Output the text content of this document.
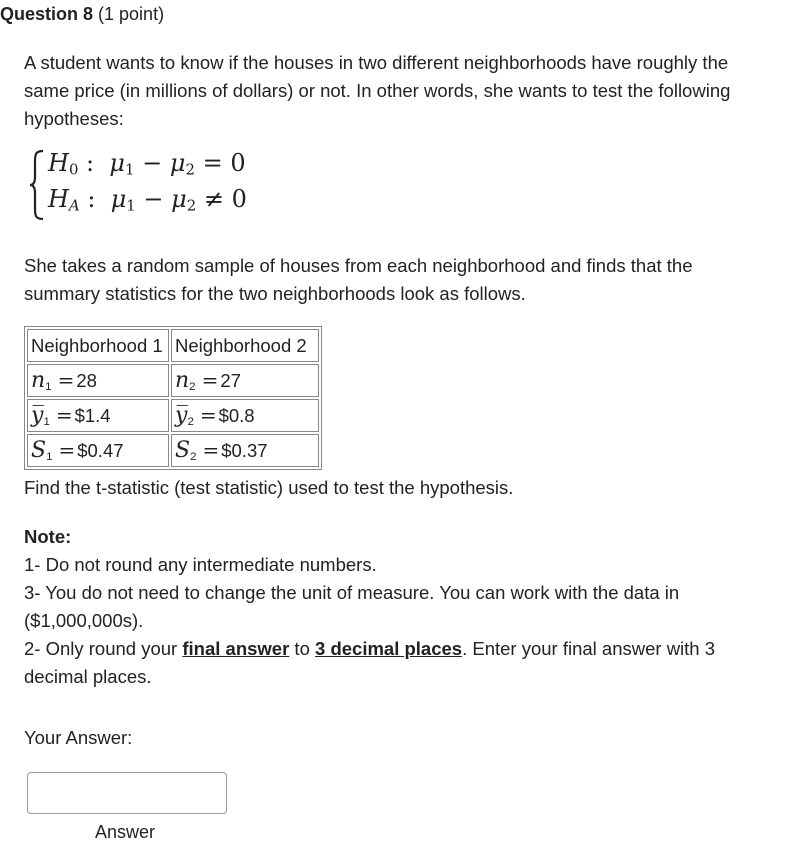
Question 8 (1 point)
A student wants to know if the houses in two different neighborhoods have roughly the same price (in millions of dollars) or not. In other words, she wants to test the following hypotheses:
$H_0$ : $\mu_1 - \mu_2 = 0$
$H_A$ : $\mu_1 - \mu_2 \ne 0$
She takes a random sample of houses from each neighborhood and finds that the summary statistics for the two neighborhoods look as follows.
Neighborhood 1	Neighborhood 2
$n_1 = 28$	$n_2 = 27$
$y̅_1$ = $1.4	$y̅_2$ = $0.8
$S_1$ = $0.47	$S_2$ = $0.37
Find the t-statistic (test statistic) used to test the hypothesis.

Note:

1- Do not round any intermediate numbers.

3- You do not need to change the unit of measure. You can work with the data in ($1,000,000s).

2- Only round your final answer to 3 decimal places. Enter your final answer with 3 decimal places.

Your Answer:
Answer
